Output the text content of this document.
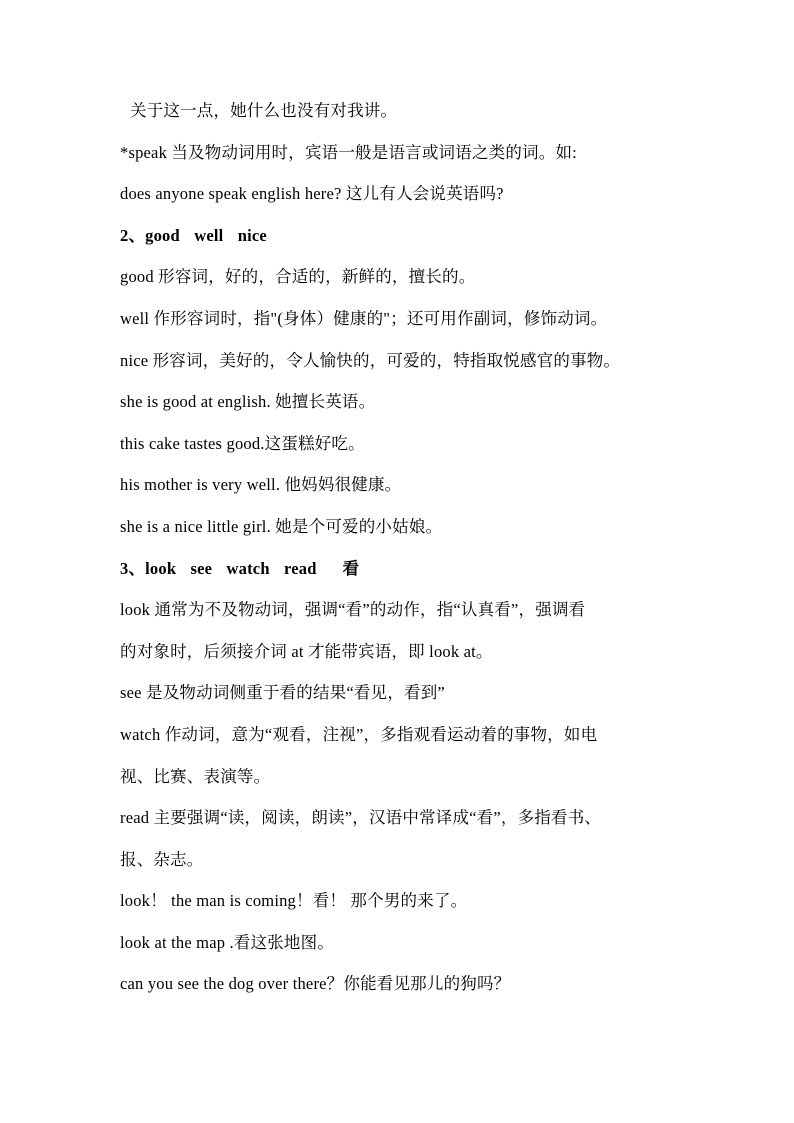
关于这一点，她什么也没有对我讲。
*speak 当及物动词用时，宾语一般是语言或词语之类的词。如:
does anyone speak english here? 这儿有人会说英语吗?
2、good well nice
good 形容词，好的，合适的，新鲜的，擅长的。
well 作形容词时，指"(身体）健康的"；还可用作副词，修饰动词。
nice 形容词，美好的，令人愉快的，可爱的，特指取悦感官的事物。
she is good at english. 她擅长英语。
this cake tastes good.这蛋糕好吃。
his mother is very well. 他妈妈很健康。
she is a nice little girl. 她是个可爱的小姑娘。
3、look see watch read 看
look 通常为不及物动词，强调“看”的动作，指“认真看”，强调看
的对象时，后须接介词 at 才能带宾语，即 look at。
see 是及物动词侧重于看的结果“看见，看到”
watch 作动词，意为“观看，注视”，多指观看运动着的事物，如电
视、比赛、表演等。
read 主要强调“读，阅读，朗读”，汉语中常译成“看”，多指看书、
报、杂志。
look！ the man is coming！看！ 那个男的来了。
look at the map .看这张地图。
can you see the dog over there？你能看见那儿的狗吗？
